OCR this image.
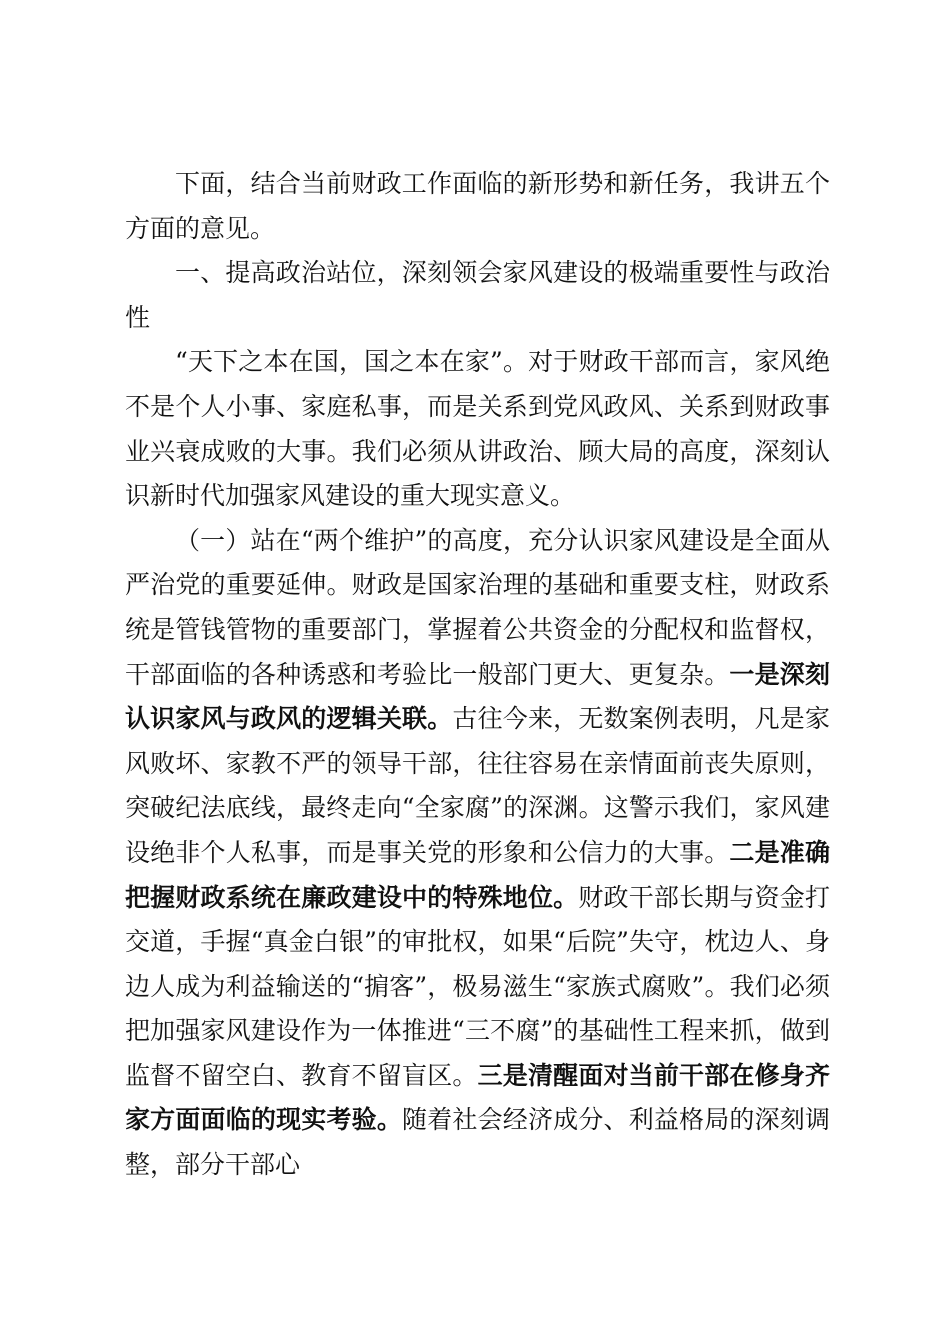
下面，结合当前财政工作面临的新形势和新任务，我讲五个方面的意见。

一、提高政治站位，深刻领会家风建设的极端重要性与政治性

“天下之本在国，国之本在家”。对于财政干部而言，家风绝不是个人小事、家庭私事，而是关系到党风政风、关系到财政事业兴衰成败的大事。我们必须从讲政治、顾大局的高度，深刻认识新时代加强家风建设的重大现实意义。

（一）站在“两个维护”的高度，充分认识家风建设是全面从严治党的重要延伸。财政是国家治理的基础和重要支柱，财政系统是管钱管物的重要部门，掌握着公共资金的分配权和监督权，干部面临的各种诱惑和考验比一般部门更大、更复杂。一是深刻认识家风与政风的逻辑关联。古往今来，无数案例表明，凡是家风败坏、家教不严的领导干部，往往容易在亲情面前丧失原则，突破纪法底线，最终走向“全家腐”的深渊。这警示我们，家风建设绝非个人私事，而是事关党的形象和公信力的大事。二是准确把握财政系统在廉政建设中的特殊地位。财政干部长期与资金打交道，手握“真金白银”的审批权，如果“后院”失守，枕边人、身边人成为利益输送的“掮客”，极易滋生“家族式腐败”。我们必须把加强家风建设作为一体推进“三不腐”的基础性工程来抓，做到监督不留空白、教育不留盲区。三是清醒面对当前干部在修身齐家方面面临的现实考验。随着社会经济成分、利益格局的深刻调整，部分干部心
